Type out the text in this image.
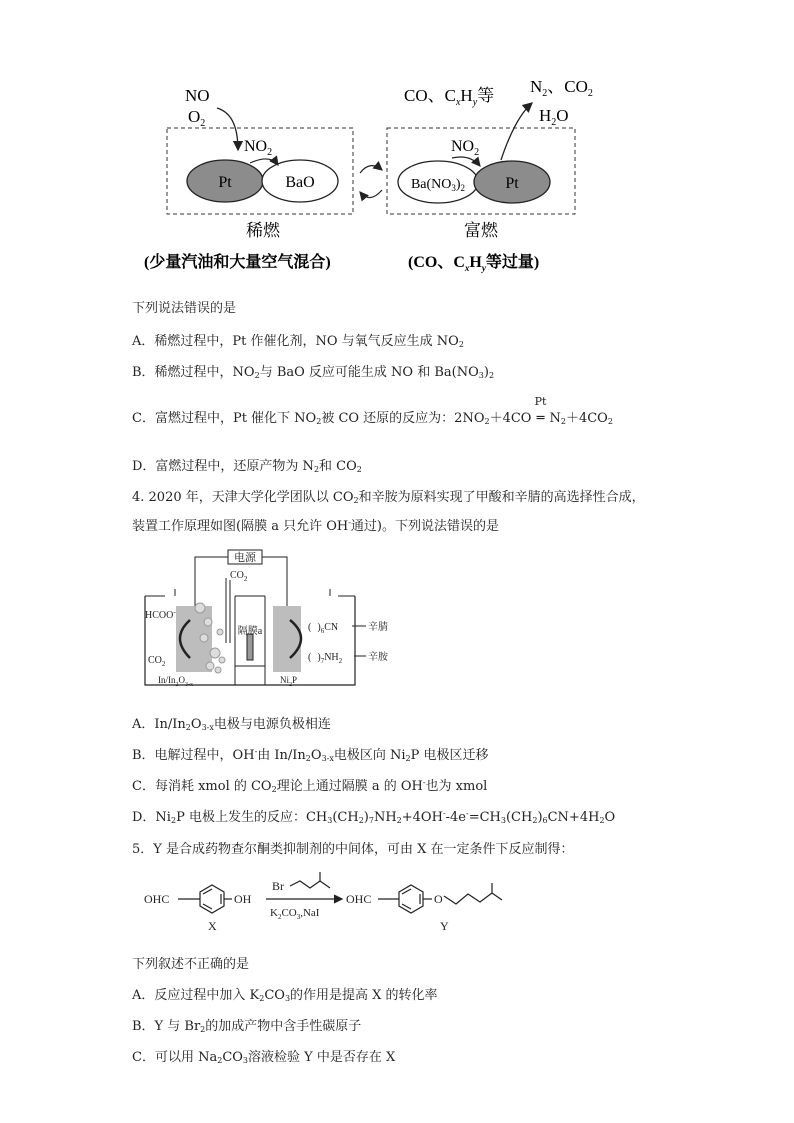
NO
$O_2$
$NO_2$
Pt	BaO
CO、$C_xH_y$等 $N_2$、$CO_2$
$H_2O$
$NO_2$
$Ba(NO_3)_2$	Pt
稀燃	富燃
(少量汽油和大量空气混合)	(CO、$C_xH_y$等过量)
下列说法错误的是
A．稀燃过程中，Pt 作催化剂，NO 与氧气反应生成 $NO_2$
B．稀燃过程中，$NO_2$与 BaO 反应可能生成 NO 和 $Ba(NO_3)_2$
C．富燃过程中，Pt 催化下 $NO_2$被 CO 还原的反应为：$2NO_2+4CO$
Pt
═ $N_2+4CO_2$
D．富燃过程中，还原产物为 $N_2$和 $CO_2$
4. 2020 年，天津大学化学团队以 $CO_2$和辛胺为原料实现了甲酸和辛腈的高选择性合成，
装置工作原理如图(隔膜 a 只允许 OH-通过)。下列说法错误的是
电源
$CO_2$
隔膜a
HCOO-
$CO_2$
$In/In_2O_{3-x}$	$Ni_2P$
( )$_6CN$	辛腈
( )$_7NH_2$	辛胺
A．$In/In_2O_{3-x}$电极与电源负极相连
B．电解过程中，OH-由 $In/In_2O_{3-x}$电极区向 $Ni_2P$ 电极区迁移
C．每消耗 xmol 的 $CO_2$理论上通过隔膜 a 的 OH-也为 xmol
D．$Ni_2P$ 电极上发生的反应：$CH_3(CH_2)_7NH_2+4OH^--4e^-=CH_3(CH_2)_6CN+4H_2O$
5．Y 是合成药物查尔酮类抑制剂的中间体，可由 X 在一定条件下反应制得：
OHC	OH
X
Br
$K_2CO_3,NaI$
OHC	O
Y
下列叙述不正确的是
A．反应过程中加入 $K_2CO_3$的作用是提高 X 的转化率
B．Y 与 $Br_2$的加成产物中含手性碳原子
C．可以用 $Na_2CO_3$溶液检验 Y 中是否存在 X
